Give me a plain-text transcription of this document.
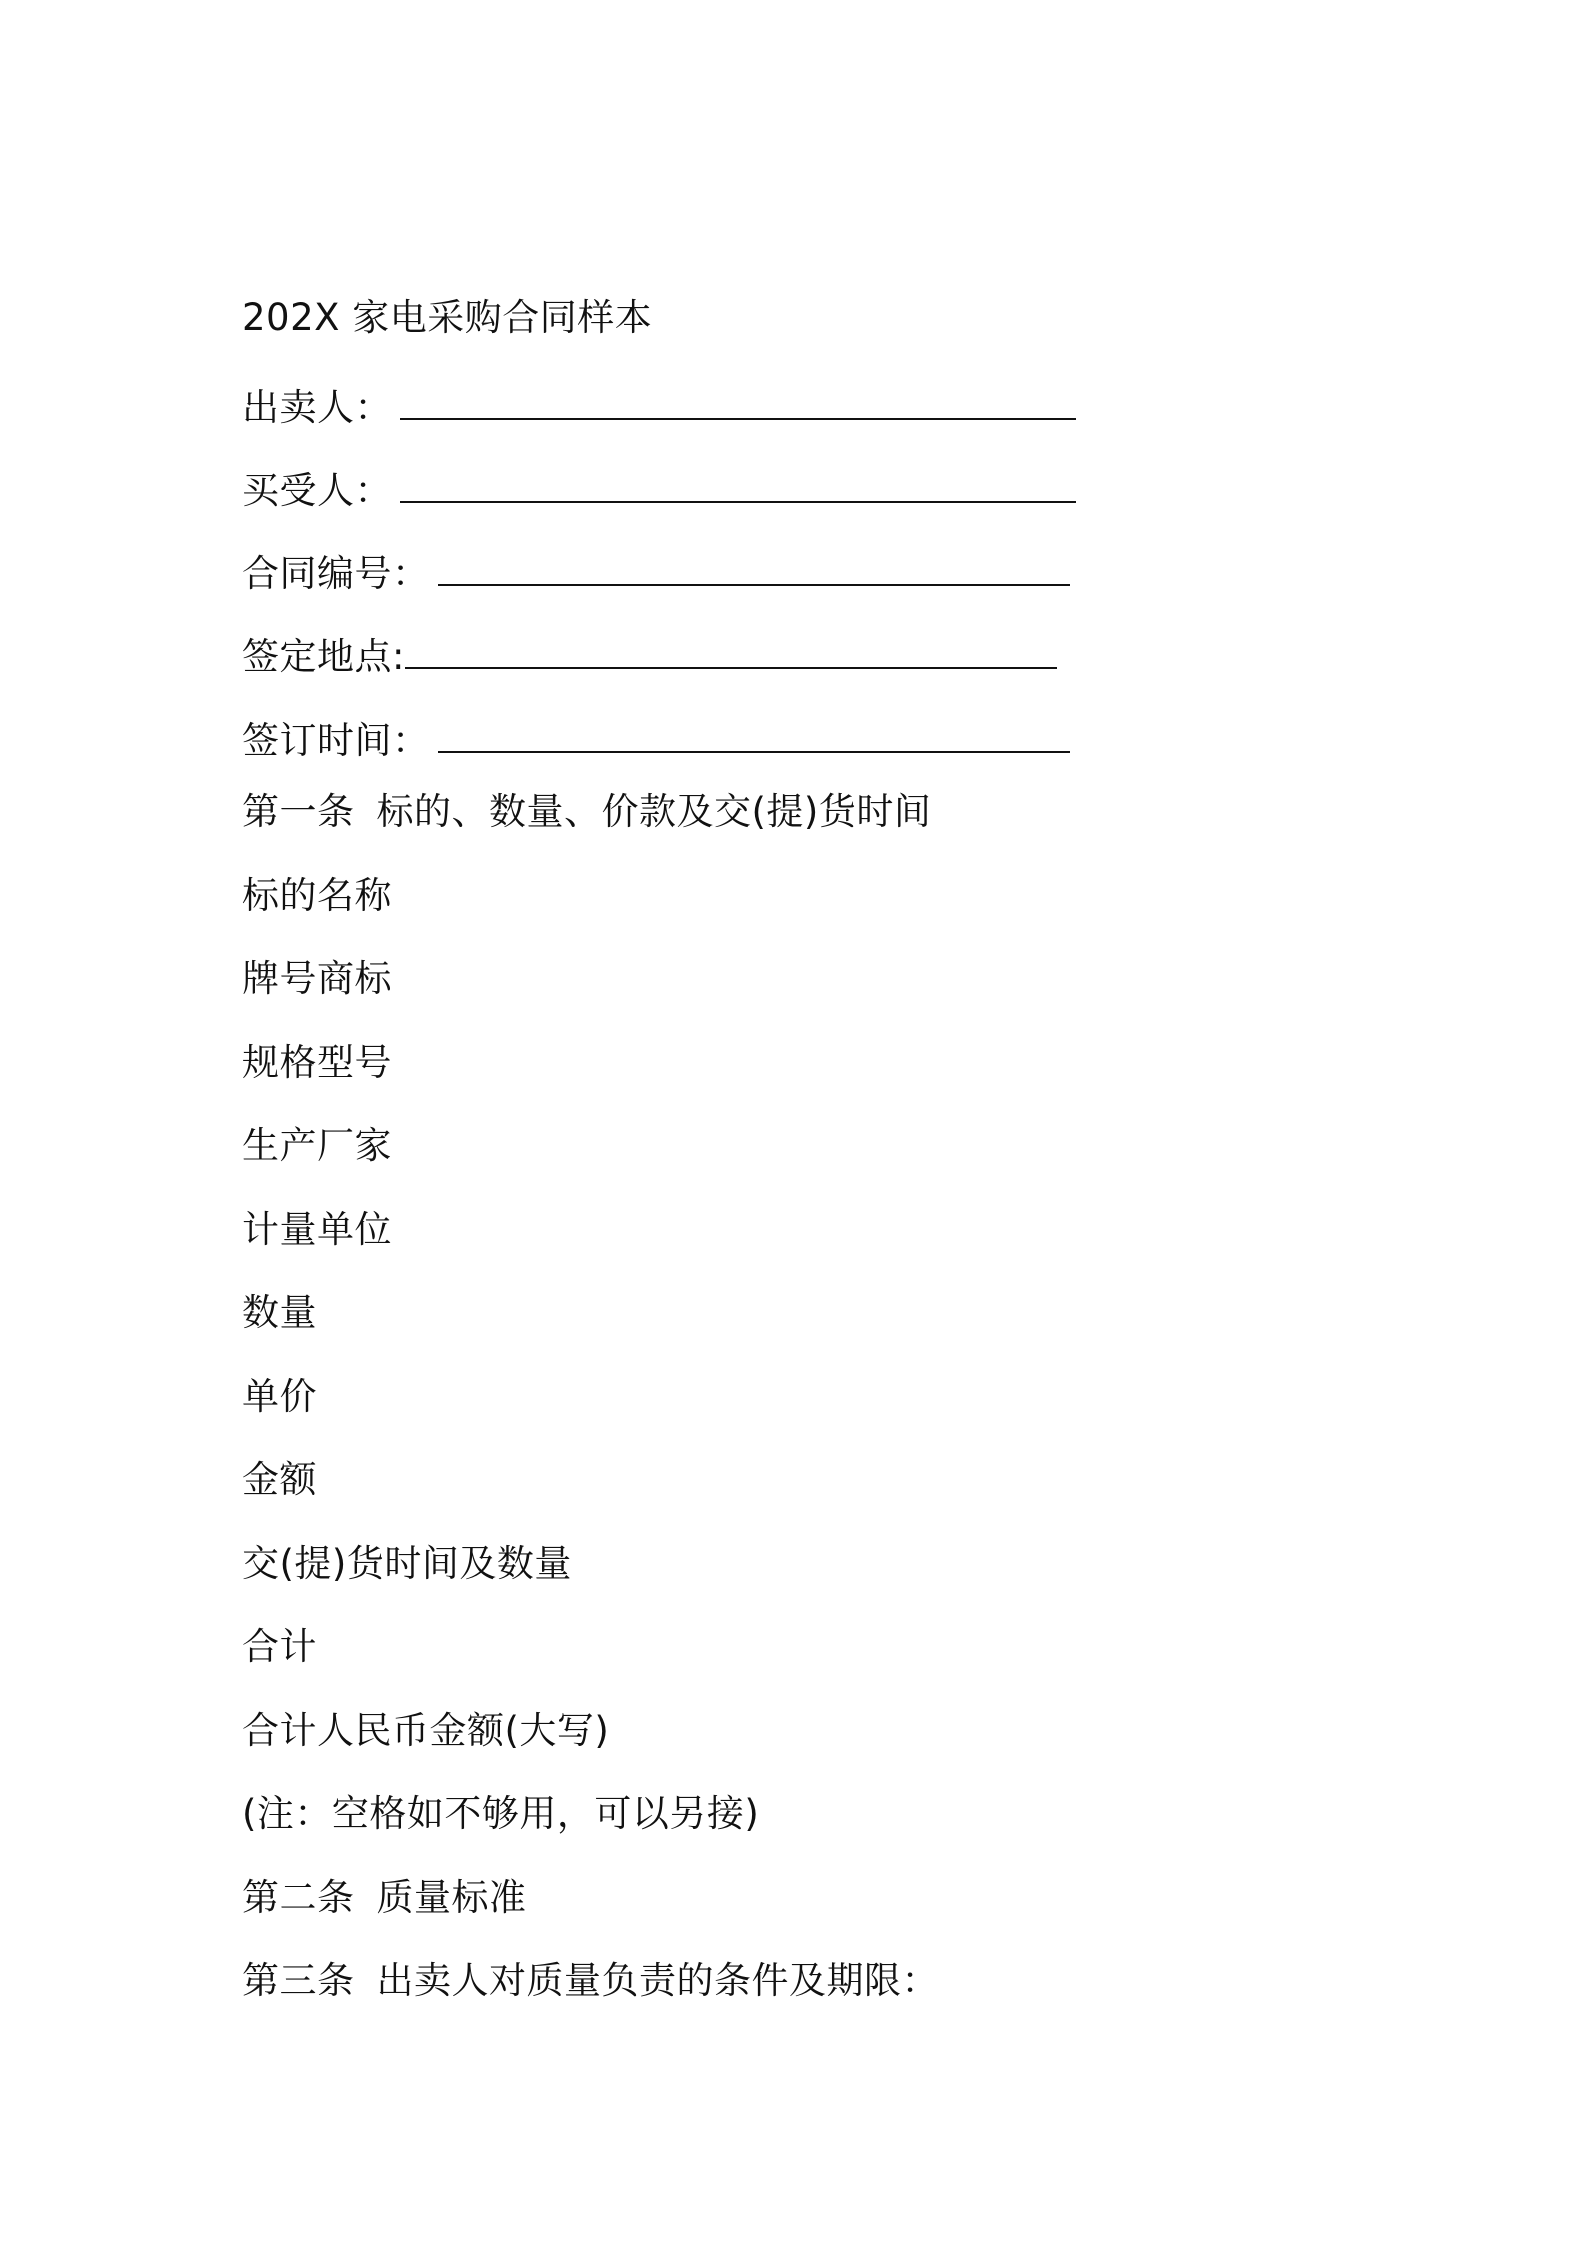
202X 家电采购合同样本
出卖人：
买受人：
合同编号：
签定地点:
签订时间：
第一条 标的、数量、价款及交(提)货时间
标的名称
牌号商标
规格型号
生产厂家
计量单位
数量
单价
金额
交(提)货时间及数量
合计
合计人民币金额(大写)
(注：空格如不够用，可以另接)
第二条 质量标准
第三条 出卖人对质量负责的条件及期限：
